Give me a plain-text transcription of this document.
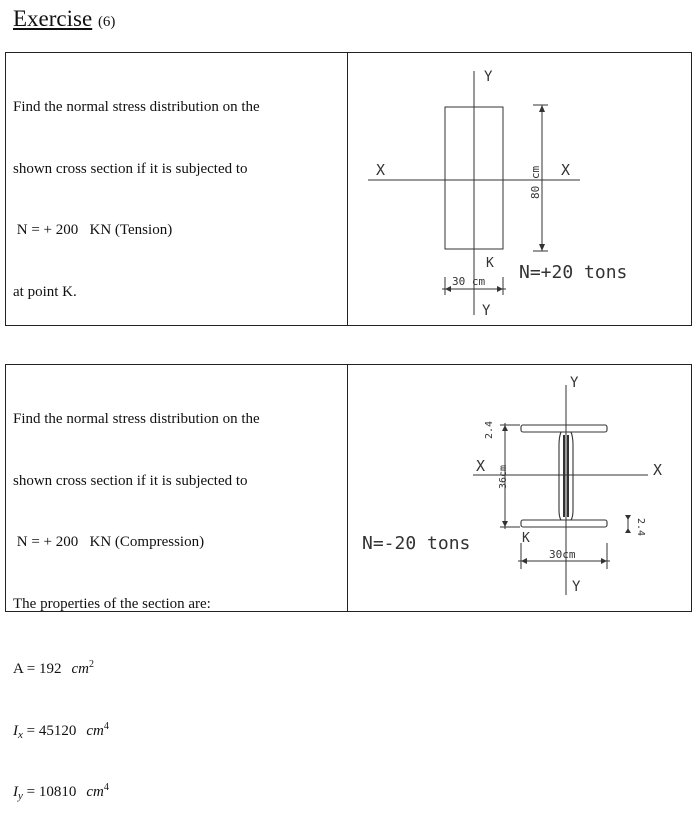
Exercise (6)

Find the normal stress distribution on the

shown cross section if it is subjected to

N = + 200   KN (Tension)

at point K.

Y
Y
X	X
80 cm
30 cm
K N=+20 tons

Find the normal stress distribution on the

shown cross section if it is subjected to

N = + 200   KN (Compression)

The properties of the section are:

A = 192 $cm^2$

$I_x = 45120$ $cm^4$

$I_y = 10810$ $cm^4$

Y
Y
X	X
2.4
36cm
2.4
30cm
K
N=-20 tons
